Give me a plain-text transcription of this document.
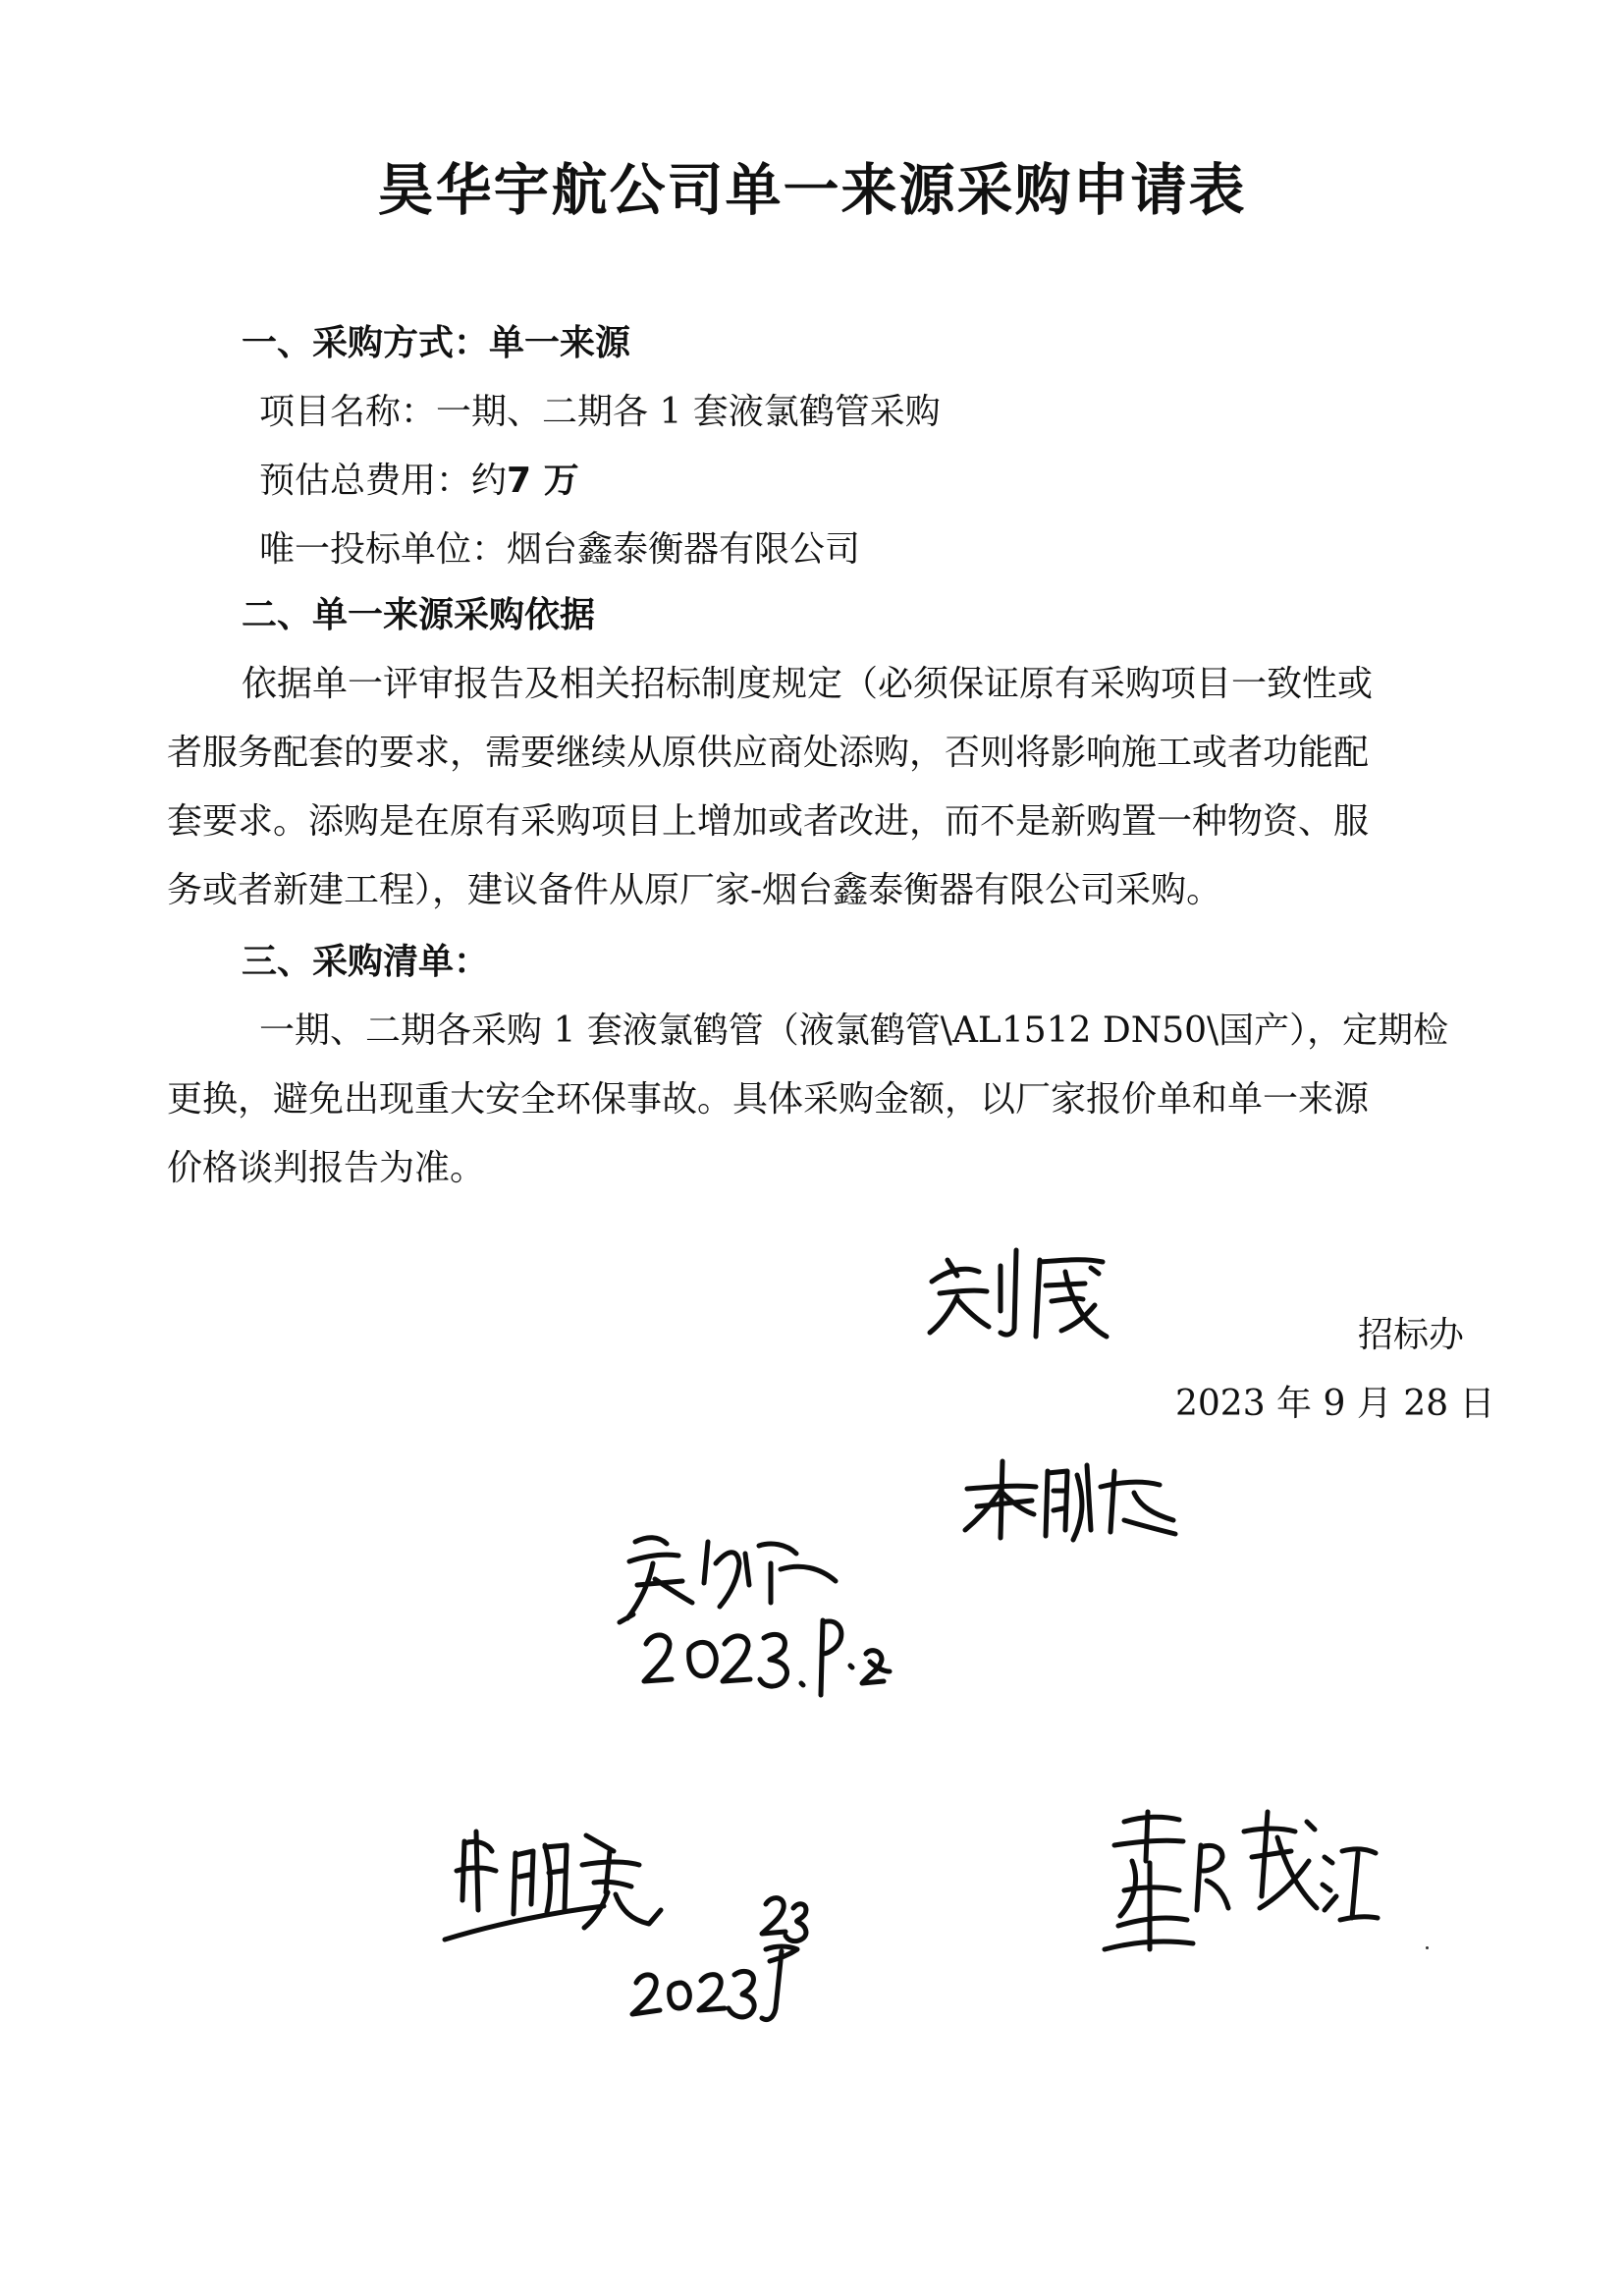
昊华宇航公司单一来源采购申请表
一、采购方式：单一来源
项目名称：一期、二期各 1 套液氯鹤管采购
预估总费用：约7 万
唯一投标单位：烟台鑫泰衡器有限公司
二、单一来源采购依据
依据单一评审报告及相关招标制度规定（必须保证原有采购项目一致性或
者服务配套的要求，需要继续从原供应商处添购，否则将影响施工或者功能配
套要求。添购是在原有采购项目上增加或者改进，而不是新购置一种物资、服
务或者新建工程），建议备件从原厂家-烟台鑫泰衡器有限公司采购。
三、采购清单：
一期、二期各采购 1 套液氯鹤管（液氯鹤管\AL1512 DN50\国产），定期检
更换，避免出现重大安全环保事故。具体采购金额，以厂家报价单和单一来源
价格谈判报告为准。
招标办
2023 年 9 月 28 日
